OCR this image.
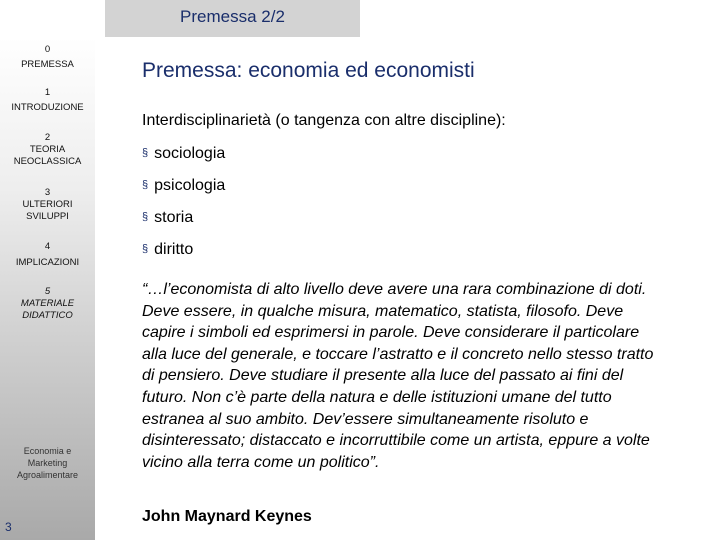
Premessa 2/2
0
PREMESSA
1
INTRODUZIONE
2
TEORIA
NEOCLASSICA
3
ULTERIORI
SVILUPPI
4
IMPLICAZIONI
5
MATERIALE
DIDATTICO
Economia e
Marketing
Agroalimentare
3
Premessa: economia ed economisti
Interdisciplinarietà (o tangenza con altre discipline):
§ sociologia
§ psicologia
§ storia
§ diritto
“…l’economista di alto livello deve avere una rara combinazione di doti. Deve essere, in qualche misura, matematico, statista, filosofo. Deve capire i simboli ed esprimersi in parole. Deve considerare il particolare alla luce del generale, e toccare l’astratto e il concreto nello stesso tratto di pensiero. Deve studiare il presente alla luce del passato ai fini del futuro. Non c’è parte della natura e delle istituzioni umane del tutto estranea al suo ambito. Dev’essere simultaneamente risoluto e disinteressato; distaccato e incorruttibile come un artista, eppure a volte vicino alla terra come un politico”.
John Maynard Keynes
